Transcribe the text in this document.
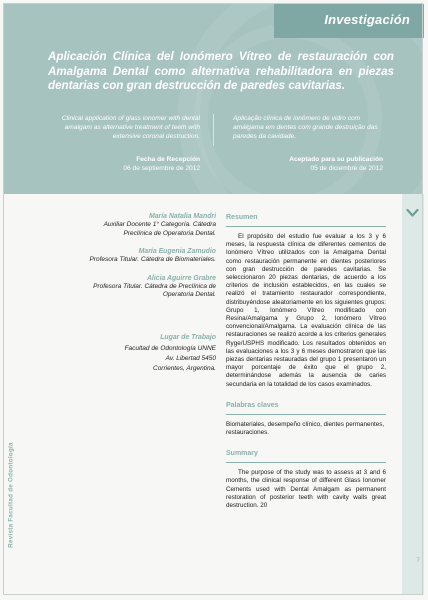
Investigación
Aplicación Clínica del Ionómero Vítreo de restauración con Amalgama Dental como alternativa rehabilitadora en piezas dentarias con gran destrucción de paredes cavitarias.
Clinical application of glass ionomer with dental amalgam as alternative treatment of teeth with extensive coronal destruction.
Aplicação clínica de ionômero de vidro com amálgama em dentes com grande destruição das paredes da cavidade.
Fecha de Recepción
06 de septiembre de 2012
Aceptado para su publicación
05 de diciembre de 2012
Revista Facultad de Odontología
7
María Natalia Mandri
Auxiliar Docente 1° Categoría. Cátedra Preclínica de Operatoria Dental.
María Eugenia Zamudio
Profesora Titular. Cátedra de Biomateriales.
Alicia Aguirre Grabre
Profesora Titular. Cátedra de Preclínica de Operatoria Dental.
Lugar de Trabajo
Facultad de Odontología UNNE
Av. Libertad 5450
Corrientes, Argentina.
Resumen

El propósito del estudio fue evaluar a los 3 y 6 meses, la respuesta clínica de diferentes cementos de Ionómero Vítreo utilizados con la Amalgama Dental como restauración permanente en dientes posteriores con gran destrucción de paredes cavitarias. Se seleccionaron 20 piezas dentarias, de acuerdo a los criterios de inclusión establecidos, en las cuales se realizó el tratamiento restaurador correspondiente, distribuyéndose aleatoriamente en los siguientes grupos: Grupo 1, Ionómero Vítreo modificado con Resina/Amalgama y Grupo 2, Ionómero Vítreo convencional/Amalgama. La evaluación clínica de las restauraciones se realizó acorde a los criterios generales Ryge/USPHS modificado. Los resultados obtenidos en las evaluaciones a los 3 y 6 meses demostraron que las piezas dentarias restauradas del grupo 1 presentaron un mayor porcentaje de éxito que el grupo 2, determinándose además la ausencia de caries secundaria en la totalidad de los casos examinados.

Palabras claves

Biomateriales, desempeño clínico, dientes permanentes, restauraciones.

Summary

The purpose of the study was to assess at 3 and 6 months, the clinical response of different Glass Ionomer Cements used with Dental Amalgam as permanent restoration of posterior teeth with cavity walls great destruction. 20
